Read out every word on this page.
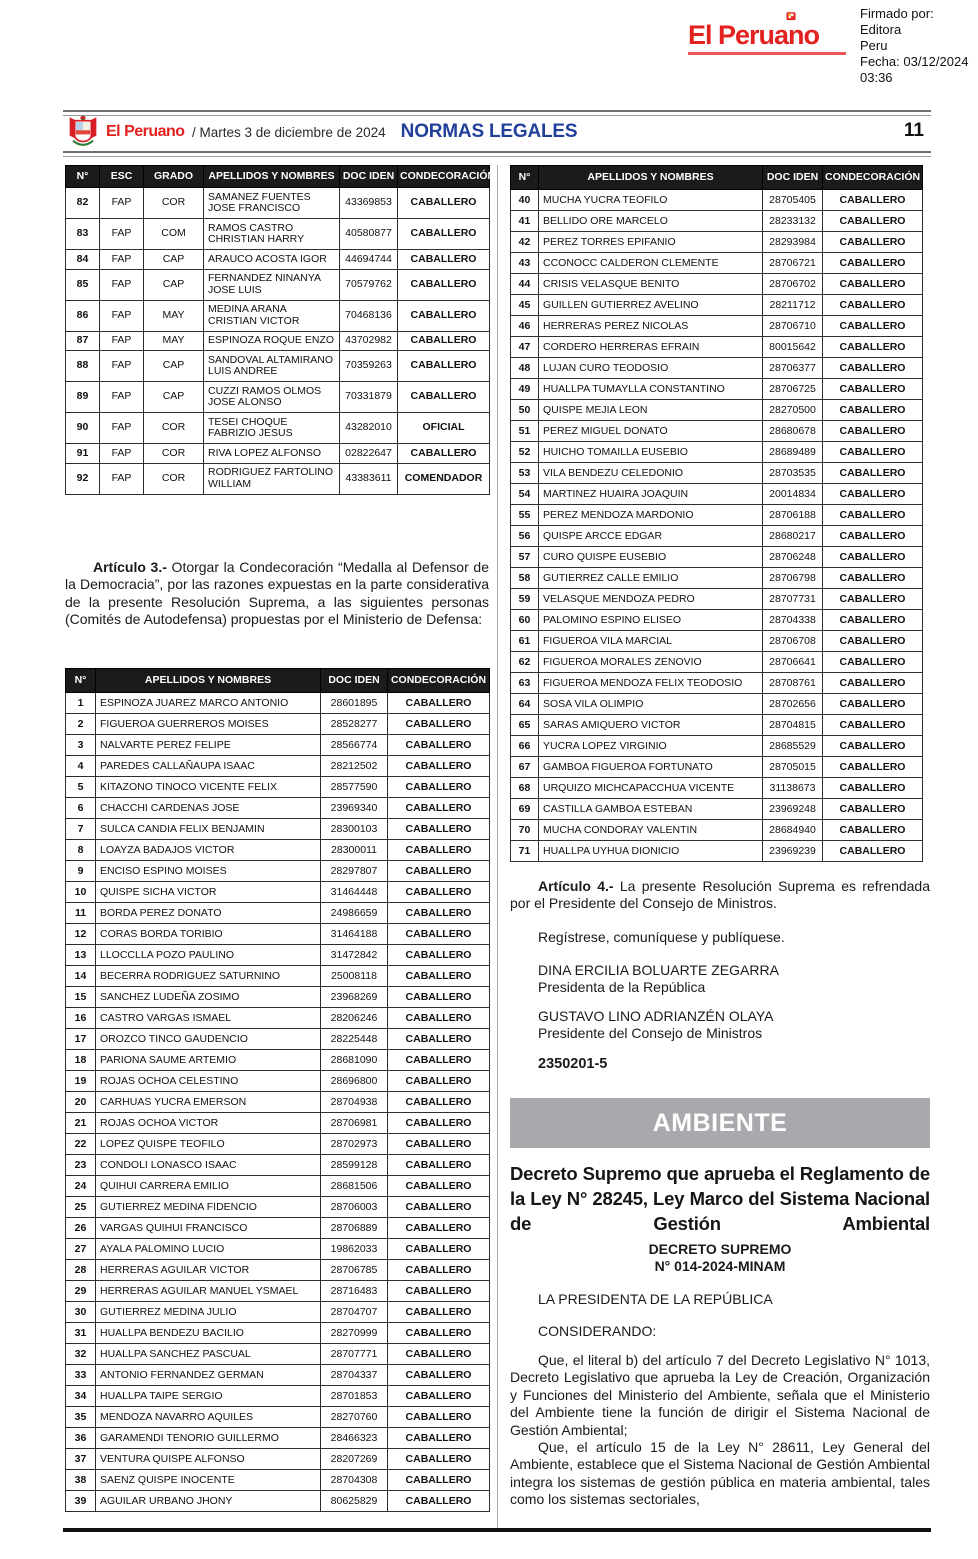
El Peruano
Firmado por: Editora
Peru
Fecha: 03/12/2024 03:36
El Peruano / Martes 3 de diciembre de 2024 NORMAS LEGALES	11
N°	ESC	GRADO	APELLIDOS Y NOMBRES	DOC IDEN	CONDECORACIÓN
82	FAP	COR	SAMANEZ FUENTES JOSE FRANCISCO	43369853	CABALLERO
83	FAP	COM	RAMOS CASTRO CHRISTIAN HARRY	40580877	CABALLERO
84	FAP	CAP	ARAUCO ACOSTA IGOR	44694744	CABALLERO
85	FAP	CAP	FERNANDEZ NINANYA JOSE LUIS	70579762	CABALLERO
86	FAP	MAY	MEDINA ARANA CRISTIAN VICTOR	70468136	CABALLERO
87	FAP	MAY	ESPINOZA ROQUE ENZO	43702982	CABALLERO
88	FAP	CAP	SANDOVAL ALTAMIRANO LUIS ANDREE	70359263	CABALLERO
89	FAP	CAP	CUZZI RAMOS OLMOS JOSE ALONSO	70331879	CABALLERO
90	FAP	COR	TESEI CHOQUE FABRIZIO JESUS	43282010	OFICIAL
91	FAP	COR	RIVA LOPEZ ALFONSO	02822647	CABALLERO
92	FAP	COR	RODRIGUEZ FARTOLINO WILLIAM	43383611	COMENDADOR
Artículo 3.- Otorgar la Condecoración “Medalla al Defensor de la Democracia”, por las razones expuestas en la parte considerativa de la presente Resolución Suprema, a las siguientes personas (Comités de Autodefensa) propuestas por el Ministerio de Defensa:
N°	APELLIDOS Y NOMBRES	DOC IDEN	CONDECORACIÓN
1	ESPINOZA JUAREZ MARCO ANTONIO	28601895	CABALLERO
2	FIGUEROA GUERREROS MOISES	28528277	CABALLERO
3	NALVARTE PEREZ FELIPE	28566774	CABALLERO
4	PAREDES CALLAÑAUPA ISAAC	28212502	CABALLERO
5	KITAZONO TINOCO VICENTE FELIX	28577590	CABALLERO
6	CHACCHI CARDENAS JOSE	23969340	CABALLERO
7	SULCA CANDIA FELIX BENJAMIN	28300103	CABALLERO
8	LOAYZA BADAJOS VICTOR	28300011	CABALLERO
9	ENCISO ESPINO MOISES	28297807	CABALLERO
10	QUISPE SICHA VICTOR	31464448	CABALLERO
11	BORDA PEREZ DONATO	24986659	CABALLERO
12	CORAS BORDA TORIBIO	31464188	CABALLERO
13	LLOCCLLA POZO PAULINO	31472842	CABALLERO
14	BECERRA RODRIGUEZ SATURNINO	25008118	CABALLERO
15	SANCHEZ LUDEÑA ZOSIMO	23968269	CABALLERO
16	CASTRO VARGAS ISMAEL	28206246	CABALLERO
17	OROZCO TINCO GAUDENCIO	28225448	CABALLERO
18	PARIONA SAUME ARTEMIO	28681090	CABALLERO
19	ROJAS OCHOA CELESTINO	28696800	CABALLERO
20	CARHUAS YUCRA EMERSON	28704938	CABALLERO
21	ROJAS OCHOA VICTOR	28706981	CABALLERO
22	LOPEZ QUISPE TEOFILO	28702973	CABALLERO
23	CONDOLI LONASCO ISAAC	28599128	CABALLERO
24	QUIHUI CARRERA EMILIO	28681506	CABALLERO
25	GUTIERREZ MEDINA FIDENCIO	28706003	CABALLERO
26	VARGAS QUIHUI FRANCISCO	28706889	CABALLERO
27	AYALA PALOMINO LUCIO	19862033	CABALLERO
28	HERRERAS AGUILAR VICTOR	28706785	CABALLERO
29	HERRERAS AGUILAR MANUEL YSMAEL	28716483	CABALLERO
30	GUTIERREZ MEDINA JULIO	28704707	CABALLERO
31	HUALLPA BENDEZU BACILIO	28270999	CABALLERO
32	HUALLPA SANCHEZ PASCUAL	28707771	CABALLERO
33	ANTONIO FERNANDEZ GERMAN	28704337	CABALLERO
34	HUALLPA TAIPE SERGIO	28701853	CABALLERO
35	MENDOZA NAVARRO AQUILES	28270760	CABALLERO
36	GARAMENDI TENORIO GUILLERMO	28466323	CABALLERO
37	VENTURA QUISPE ALFONSO	28207269	CABALLERO
38	SAENZ QUISPE INOCENTE	28704308	CABALLERO
39	AGUILAR URBANO JHONY	80625829	CABALLERO
N°	APELLIDOS Y NOMBRES	DOC IDEN	CONDECORACIÓN
40	MUCHA YUCRA TEOFILO	28705405	CABALLERO
41	BELLIDO ORE MARCELO	28233132	CABALLERO
42	PEREZ TORRES EPIFANIO	28293984	CABALLERO
43	CCONOCC CALDERON CLEMENTE	28706721	CABALLERO
44	CRISIS VELASQUE BENITO	28706702	CABALLERO
45	GUILLEN GUTIERREZ AVELINO	28211712	CABALLERO
46	HERRERAS PEREZ NICOLAS	28706710	CABALLERO
47	CORDERO HERRERAS EFRAIN	80015642	CABALLERO
48	LUJAN CURO TEODOSIO	28706377	CABALLERO
49	HUALLPA TUMAYLLA CONSTANTINO	28706725	CABALLERO
50	QUISPE MEJIA LEON	28270500	CABALLERO
51	PEREZ MIGUEL DONATO	28680678	CABALLERO
52	HUICHO TOMAILLA EUSEBIO	28689489	CABALLERO
53	VILA BENDEZU CELEDONIO	28703535	CABALLERO
54	MARTINEZ HUAIRA JOAQUIN	20014834	CABALLERO
55	PEREZ MENDOZA MARDONIO	28706188	CABALLERO
56	QUISPE ARCCE EDGAR	28680217	CABALLERO
57	CURO QUISPE EUSEBIO	28706248	CABALLERO
58	GUTIERREZ CALLE EMILIO	28706798	CABALLERO
59	VELASQUE MENDOZA PEDRO	28707731	CABALLERO
60	PALOMINO ESPINO ELISEO	28704338	CABALLERO
61	FIGUEROA VILA MARCIAL	28706708	CABALLERO
62	FIGUEROA MORALES ZENOVIO	28706641	CABALLERO
63	FIGUEROA MENDOZA FELIX TEODOSIO	28708761	CABALLERO
64	SOSA VILA OLIMPIO	28702656	CABALLERO
65	SARAS AMIQUERO VICTOR	28704815	CABALLERO
66	YUCRA LOPEZ VIRGINIO	28685529	CABALLERO
67	GAMBOA FIGUEROA FORTUNATO	28705015	CABALLERO
68	URQUIZO MICHCAPACCHUA VICENTE	31138673	CABALLERO
69	CASTILLA GAMBOA ESTEBAN	23969248	CABALLERO
70	MUCHA CONDORAY VALENTIN	28684940	CABALLERO
71	HUALLPA UYHUA DIONICIO	23969239	CABALLERO
Artículo 4.- La presente Resolución Suprema es refrendada por el Presidente del Consejo de Ministros.
Regístrese, comuníquese y publíquese.
DINA ERCILIA BOLUARTE ZEGARRA
Presidenta de la República
GUSTAVO LINO ADRIANZÉN OLAYA
Presidente del Consejo de Ministros
2350201-5
AMBIENTE
Decreto Supremo que aprueba el Reglamento de la Ley N° 28245, Ley Marco del Sistema Nacional de Gestión Ambiental
DECRETO SUPREMO
N° 014-2024-MINAM
LA PRESIDENTA DE LA REPÚBLICA
CONSIDERANDO:

Que, el literal b) del artículo 7 del Decreto Legislativo N° 1013, Decreto Legislativo que aprueba la Ley de Creación, Organización y Funciones del Ministerio del Ambiente, señala que el Ministerio del Ambiente tiene la función de dirigir el Sistema Nacional de Gestión Ambiental;

Que, el artículo 15 de la Ley N° 28611, Ley General del Ambiente, establece que el Sistema Nacional de Gestión Ambiental integra los sistemas de gestión pública en materia ambiental, tales como los sistemas sectoriales,
